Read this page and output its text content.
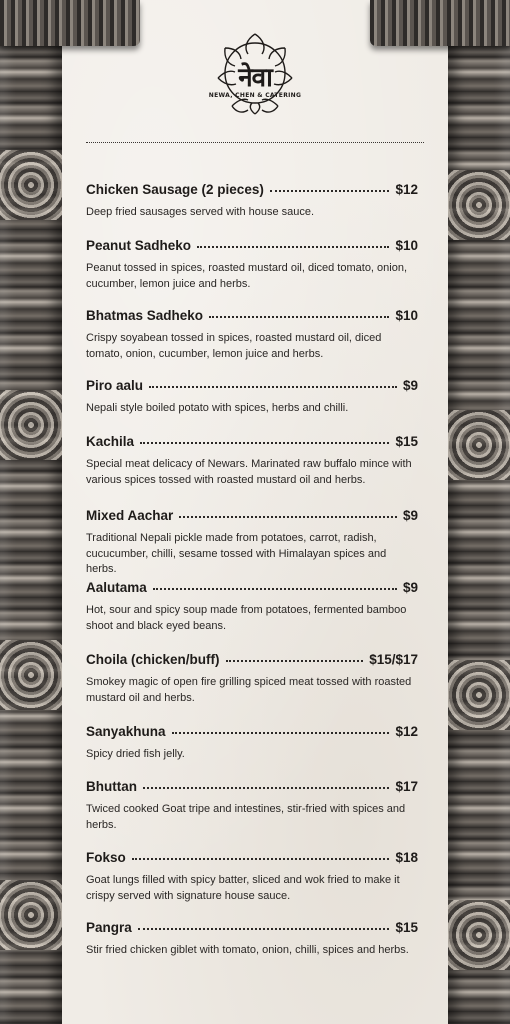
नेवा
NEWA, CHEN & CATERING
Chicken Sausage (2 pieces)	$12
Deep fried sausages served with house sauce.
Peanut Sadheko	$10
Peanut tossed in spices, roasted mustard oil, diced tomato, onion, cucumber, lemon juice and herbs.
Bhatmas Sadheko	$10
Crispy soyabean tossed in spices, roasted mustard oil, diced tomato, onion, cucumber, lemon juice and herbs.
Piro aalu	$9
Nepali style boiled potato with spices, herbs and chilli.
Kachila	$15
Special meat delicacy of Newars. Marinated raw buffalo mince with various spices tossed with roasted mustard oil and herbs.
Mixed Aachar	$9
Traditional Nepali pickle made from potatoes, carrot, radish, cucucumber, chilli, sesame tossed with Himalayan spices and herbs.
Aalutama	$9
Hot, sour and spicy soup made from potatoes, fermented bamboo shoot and black eyed beans.
Choila (chicken/buff)	$15/$17
Smokey magic of open fire grilling spiced meat tossed with roasted mustard oil and herbs.
Sanyakhuna	$12
Spicy dried fish jelly.
Bhuttan	$17
Twiced cooked Goat tripe and intestines, stir-fried with spices and herbs.
Fokso	$18
Goat lungs filled with spicy batter, sliced and wok fried to make it crispy served with signature house sauce.
Pangra	$15
Stir fried chicken giblet with tomato, onion, chilli, spices and herbs.
